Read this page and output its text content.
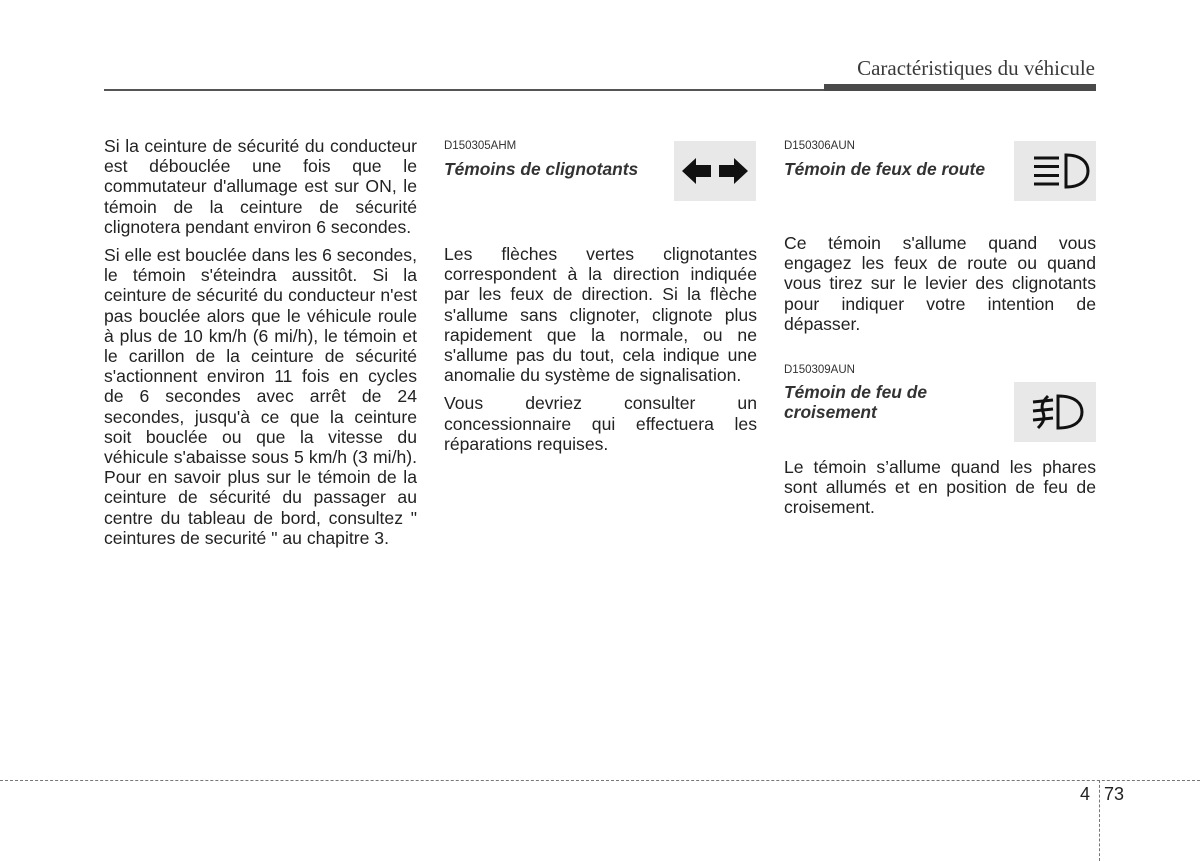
Caractéristiques du véhicule

Si la ceinture de sécurité du conducteur est débouclée une fois que le commutateur d'allumage est sur ON, le témoin de la ceinture de sécurité clignotera pendant environ 6 secondes.

Si elle est bouclée dans les 6 secondes, le témoin s'éteindra aussitôt. Si la ceinture de sécurité du conducteur n'est pas bouclée alors que le véhicule roule à plus de 10 km/h (6 mi/h), le témoin et le carillon de la ceinture de sécurité s'actionnent environ 11 fois en cycles de 6 secondes avec arrêt de 24 secondes, jusqu'à ce que la ceinture soit bouclée ou que la vitesse du véhicule s'abaisse sous 5 km/h (3 mi/h). Pour en savoir plus sur le témoin de la ceinture de sécurité du passager au centre du tableau de bord, consultez " ceintures de securité " au chapitre 3.

D150305AHM
Témoins de clignotants

Les flèches vertes clignotantes correspondent à la direction indiquée par les feux de direction. Si la flèche s'allume sans clignoter, clignote plus rapidement que la normale, ou ne s'allume pas du tout, cela indique une anomalie du système de signalisation.

Vous devriez consulter un concessionnaire qui effectuera les réparations requises.

D150306AUN
Témoin de feux de route

Ce témoin s'allume quand vous engagez les feux de route ou quand vous tirez sur le levier des clignotants pour indiquer votre intention de dépasser.

D150309AUN
Témoin de feu de croisement

Le témoin s’allume quand les phares sont allumés et en position de feu de croisement.

4 73
